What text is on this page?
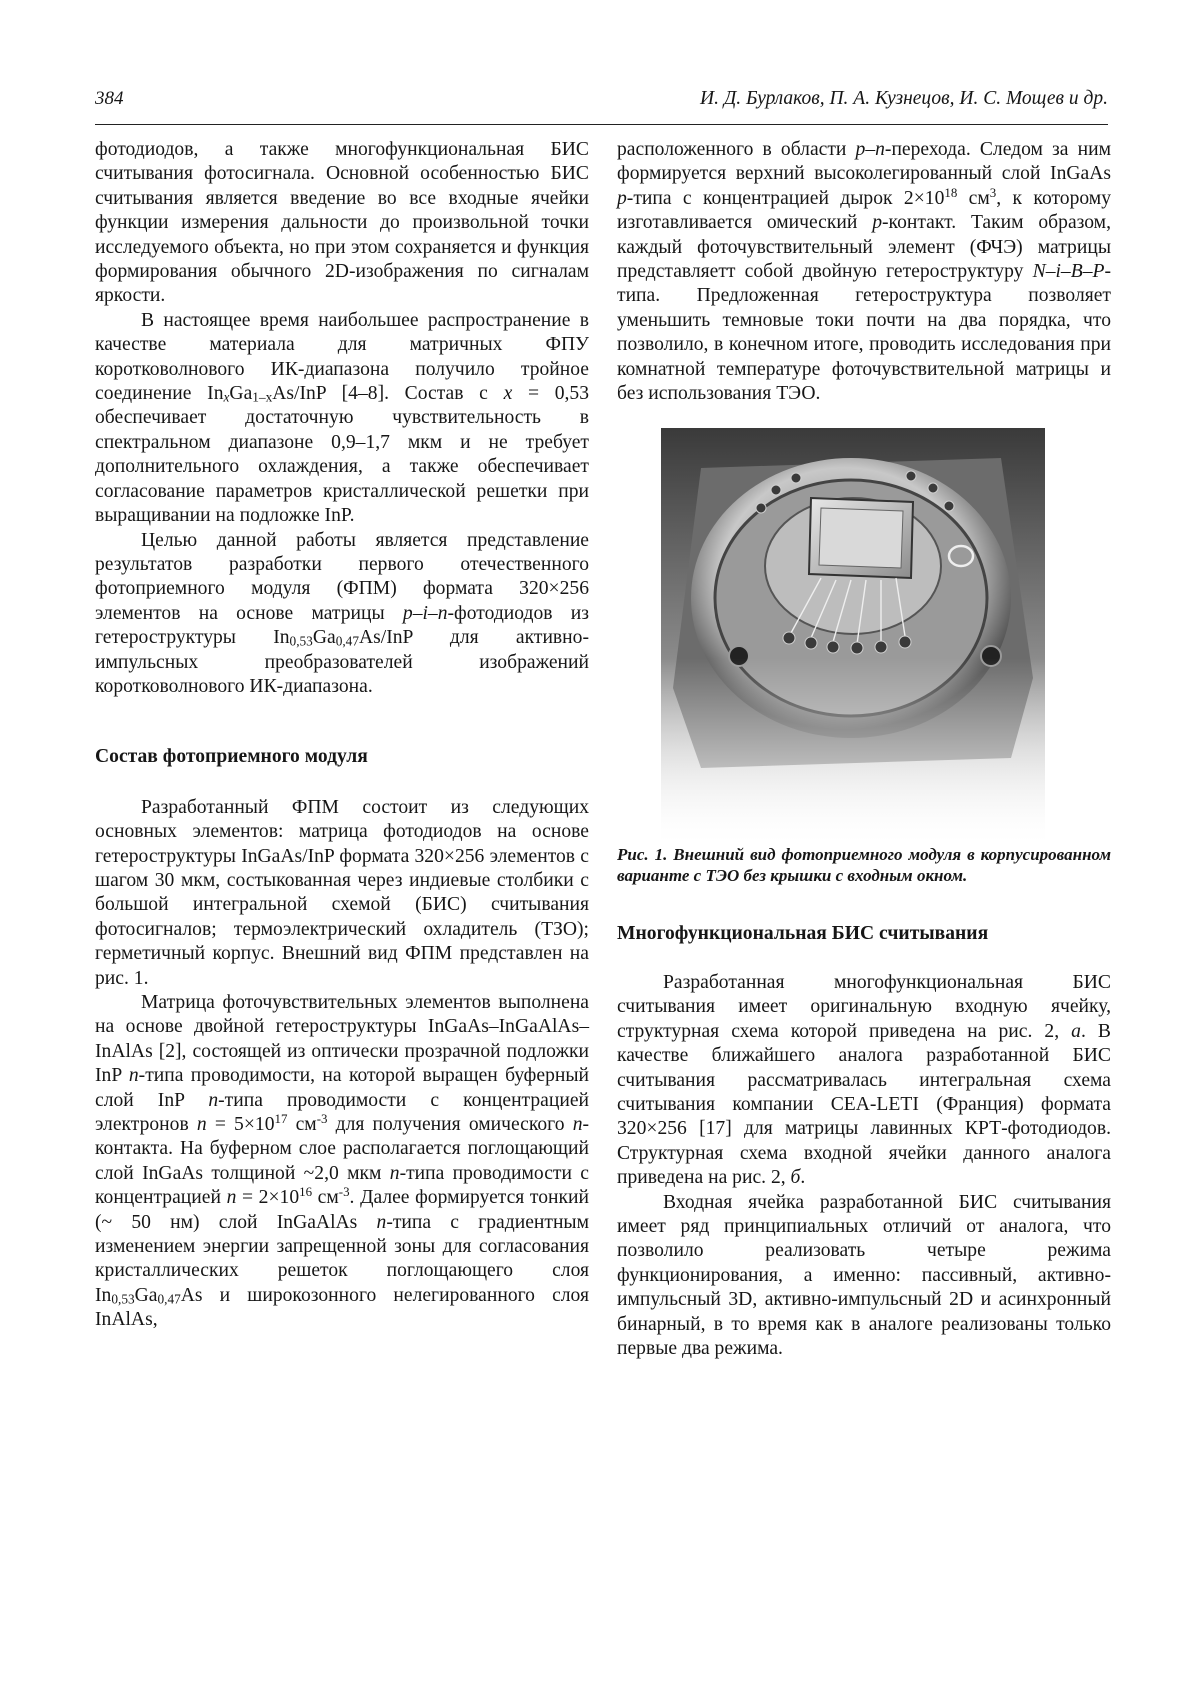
384	И. Д. Бурлаков, П. А. Кузнецов, И. С. Мощев и др.

фотодиодов, а также многофункциональная БИС считывания фотосигнала. Основной особенностью БИС считывания является введение во все входные ячейки функции измерения дальности до произвольной точки исследуемого объекта, но при этом сохраняется и функция формирования обычного 2D-изображения по сигналам яркости.

В настоящее время наибольшее распространение в качестве материала для матричных ФПУ коротковолнового ИК-диапазона получило тройное соединение $In_xGa_{1-x}As$/InP [4–8]. Состав с x = 0,53 обеспечивает достаточную чувствительность в спектральном диапазоне 0,9–1,7 мкм и не требует дополнительного охлаждения, а также обеспечивает согласование параметров кристаллической решетки при выращивании на подложке InP.

Целью данной работы является представление результатов разработки первого отечественного фотоприемного модуля (ФПМ) формата 320×256 элементов на основе матрицы p–i–n-фотодиодов из гетероструктуры $In_{0,53}Ga_{0,47}As$/InP для активно-импульсных преобразователей изображений коротковолнового ИК-диапазона.

Состав фотоприемного модуля

Разработанный ФПМ состоит из следующих основных элементов: матрица фотодиодов на основе гетероструктуры InGaAs/InP формата 320×256 элементов с шагом 30 мкм, состыкованная через индиевые столбики с большой интегральной схемой (БИС) считывания фотосигналов; термоэлектрический охладитель (ТЗО); герметичный корпус. Внешний вид ФПМ представлен на рис. 1.

Матрица фоточувствительных элементов выполнена на основе двойной гетероструктуры InGaAs–InGaAlAs–InAlAs [2], состоящей из оптически прозрачной подложки InP n-типа проводимости, на которой выращен буферный слой InP n-типа проводимости с концентрацией электронов $n = 5\times 10^{17}$ $см^{-3}$ для получения омического n-контакта. На буферном слое располагается поглощающий слой InGaAs толщиной ~2,0 мкм n-типа проводимости с концентрацией $n = 2\times 10^{16}$ $см^{-3}$. Далее формируется тонкий (~ 50 нм) слой InGaAlAs n-типа с градиентным изменением энергии запрещенной зоны для согласования кристаллических решеток поглощающего слоя $In_{0,53}Ga_{0,47}As$ и широкозонного нелегированного слоя InAlAs,

расположенного в области p–n-перехода. Следом за ним формируется верхний высоколегированный слой InGaAs p-типа с концентрацией дырок $2\times 10^{18}$ $см^3$, к которому изготавливается омический p-контакт. Таким образом, каждый фоточувствительный элемент (ФЧЭ) матрицы представляетт собой двойную гетероструктуру N–i–B–P-типа. Предложенная гетероструктура позволяет уменьшить темновые токи почти на два порядка, что позволило, в конечном итоге, проводить исследования при комнатной температуре фоточувствительной матрицы и без использования ТЭО.

Рис. 1. Внешний вид фотоприемного модуля в корпусированном варианте с ТЭО без крышки с входным окном.

Многофункциональная БИС считывания

Разработанная многофункциональная БИС считывания имеет оригинальную входную ячейку, структурная схема которой приведена на рис. 2, а. В качестве ближайшего аналога разработанной БИС считывания рассматривалась интегральная схема считывания компании CEA-LETI (Франция) формата 320×256 [17] для матрицы лавинных КРТ-фотодиодов. Структурная схема входной ячейки данного аналога приведена на рис. 2, б.

Входная ячейка разработанной БИС считывания имеет ряд принципиальных отличий от аналога, что позволило реализовать четыре режима функционирования, а именно: пассивный, активно-импульсный 3D, активно-импульсный 2D и асинхронный бинарный, в то время как в аналоге реализованы только первые два режима.
